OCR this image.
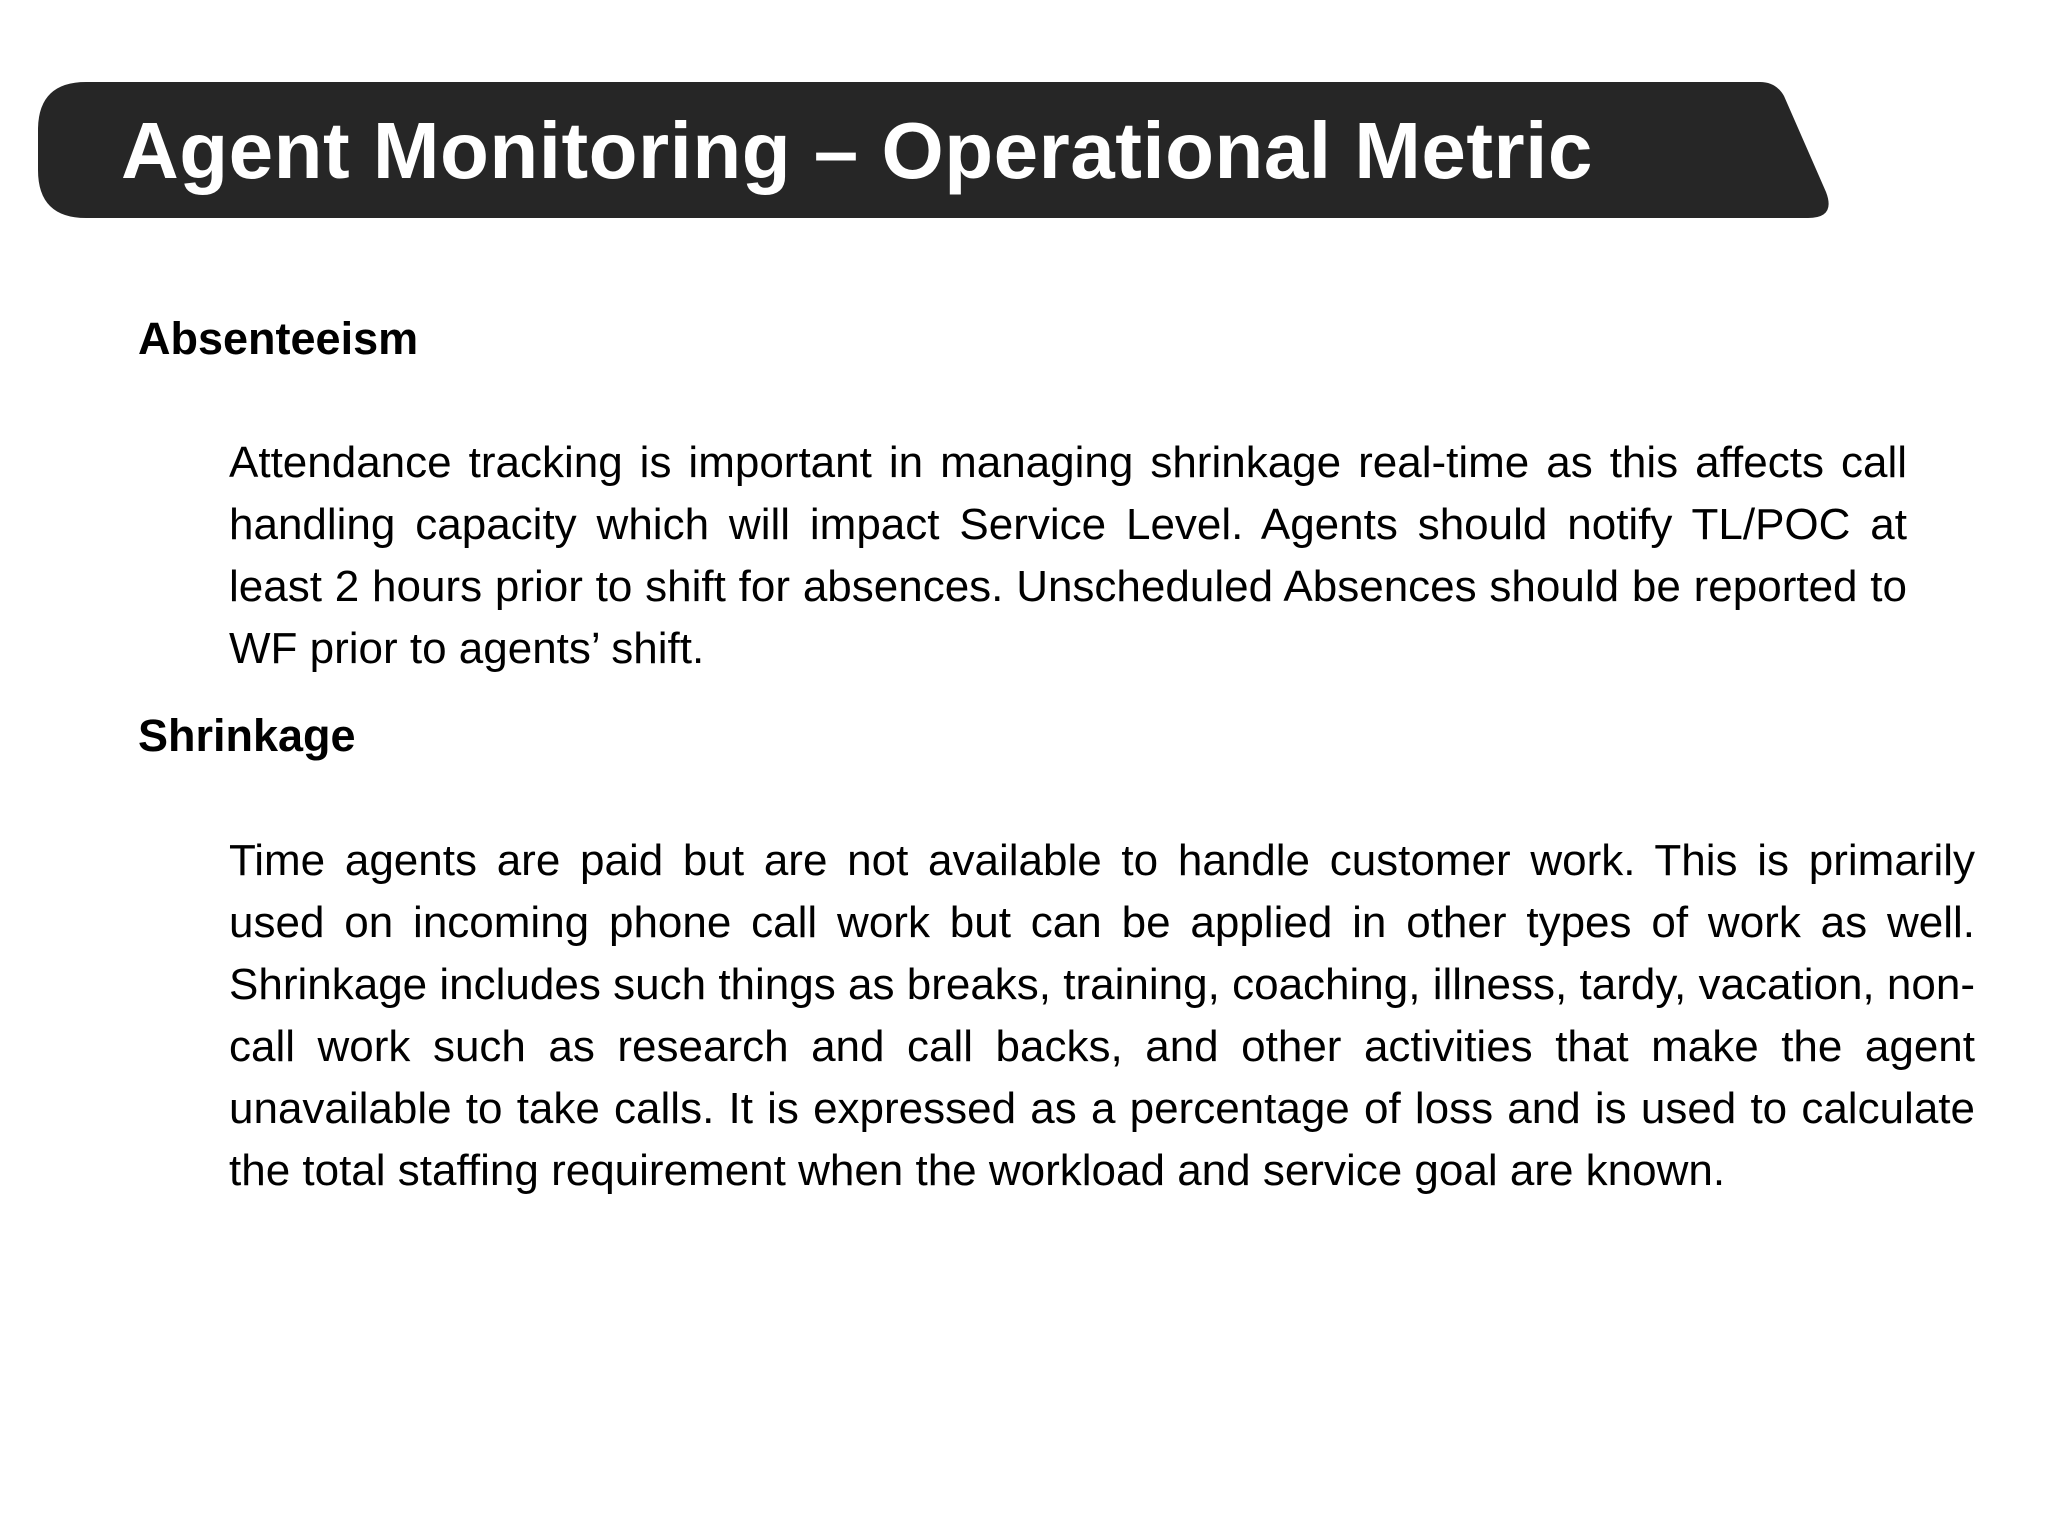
Agent Monitoring – Operational Metric
Absenteeism
Attendance tracking is important in managing shrinkage real-time as this affects call handling capacity which will impact Service Level. Agents should notify TL/POC at least 2 hours prior to shift for absences. Unscheduled Absences should be reported to WF prior to agents’ shift.
Shrinkage
Time agents are paid but are not available to handle customer work. This is primarily used on incoming phone call work but can be applied in other types of work as well. Shrinkage includes such things as breaks, training, coaching, illness, tardy, vacation, non-call work such as research and call backs, and other activities that make the agent unavailable to take calls. It is expressed as a percentage of loss and is used to calculate the total staffing requirement when the workload and service goal are known.
